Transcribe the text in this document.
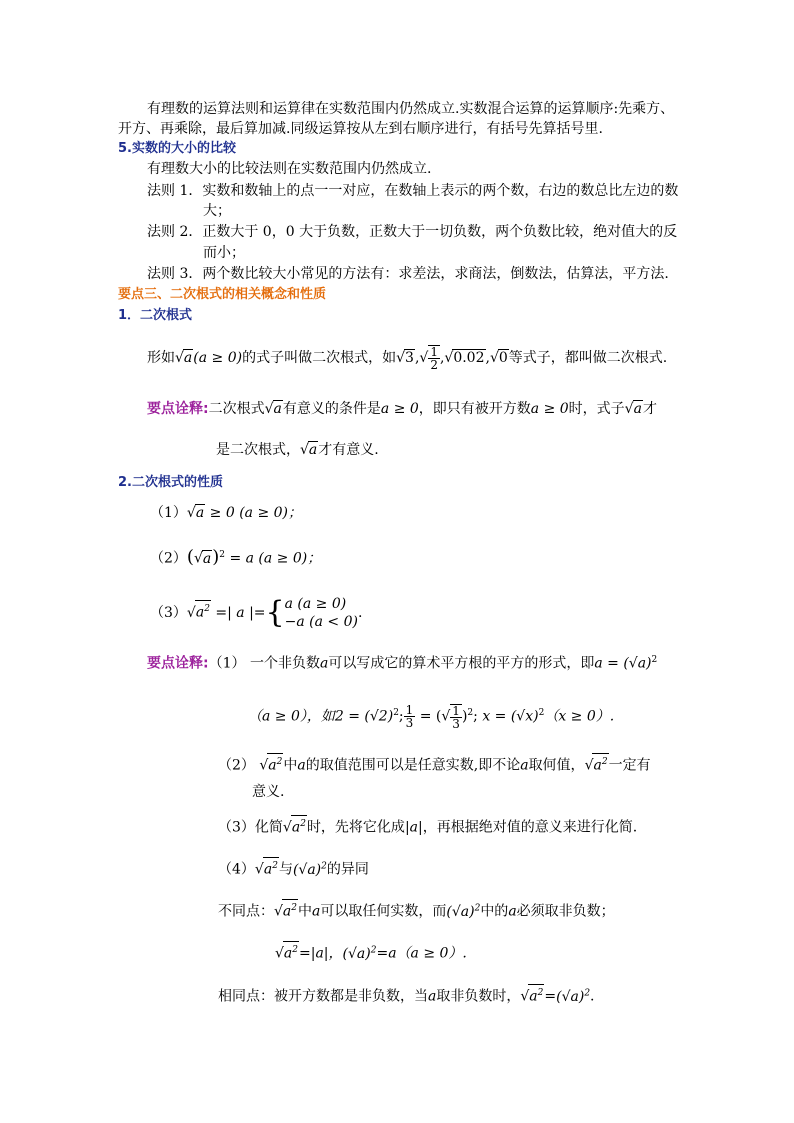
有理数的运算法则和运算律在实数范围内仍然成立.实数混合运算的运算顺序:先乘方、
开方、再乘除，最后算加减.同级运算按从左到右顺序进行，有括号先算括号里.
5.实数的大小的比较
有理数大小的比较法则在实数范围内仍然成立.
法则 1．实数和数轴上的点一一对应，在数轴上表示的两个数，右边的数总比左边的数
大；
法则 2．正数大于 0，0 大于负数，正数大于一切负数，两个负数比较，绝对值大的反
而小；
法则 3．两个数比较大小常见的方法有：求差法，求商法，倒数法，估算法，平方法.
要点三、二次根式的相关概念和性质
1．二次根式
形如√a(a ≥ 0)的式子叫做二次根式，如$√3,√ \frac{1}{2} ,√0.02,√0$等式子，都叫做二次根式.
要点诠释:二次根式√a有意义的条件是a ≥ 0，即只有被开方数a ≥ 0时，式子√a才
是二次根式，√a才有意义.
2.二次根式的性质
（1）√a ≥ 0 (a ≥ 0)；
$(2)(√a)^2 = a$ (a ≥ 0)；
$(3)√a^2$ =| a |={ a (a ≥ 0)
−a (a < 0)
.
要点诠释:（1） 一个非负数a可以写成它的算术平方根的平方的形式，即$a = (√a)^2$
（a ≥ 0），如$2 = (√2)^2$; $\frac{1}{3}$ = (√ $\frac{1}{3} )^2$; $x = (√x)^2(x \ge 0)$.
（2） $√a^2$中a的取值范围可以是任意实数,即不论a取何值，$√a^2$一定有
意义.
（3）化简$√a^2$时，先将它化成|a|，再根据绝对值的意义来进行化简.
$(4)√a^2$与$(√a)^2$的异同
不同点：$√a^2$中a可以取任何实数，而$(√a)^2$中的a必须取非负数；
$√a^2=|a|$，$(√a)^2=a(a \ge 0)$.
相同点：被开方数都是非负数，当a取非负数时，$√a^2=(√a)^2$.
